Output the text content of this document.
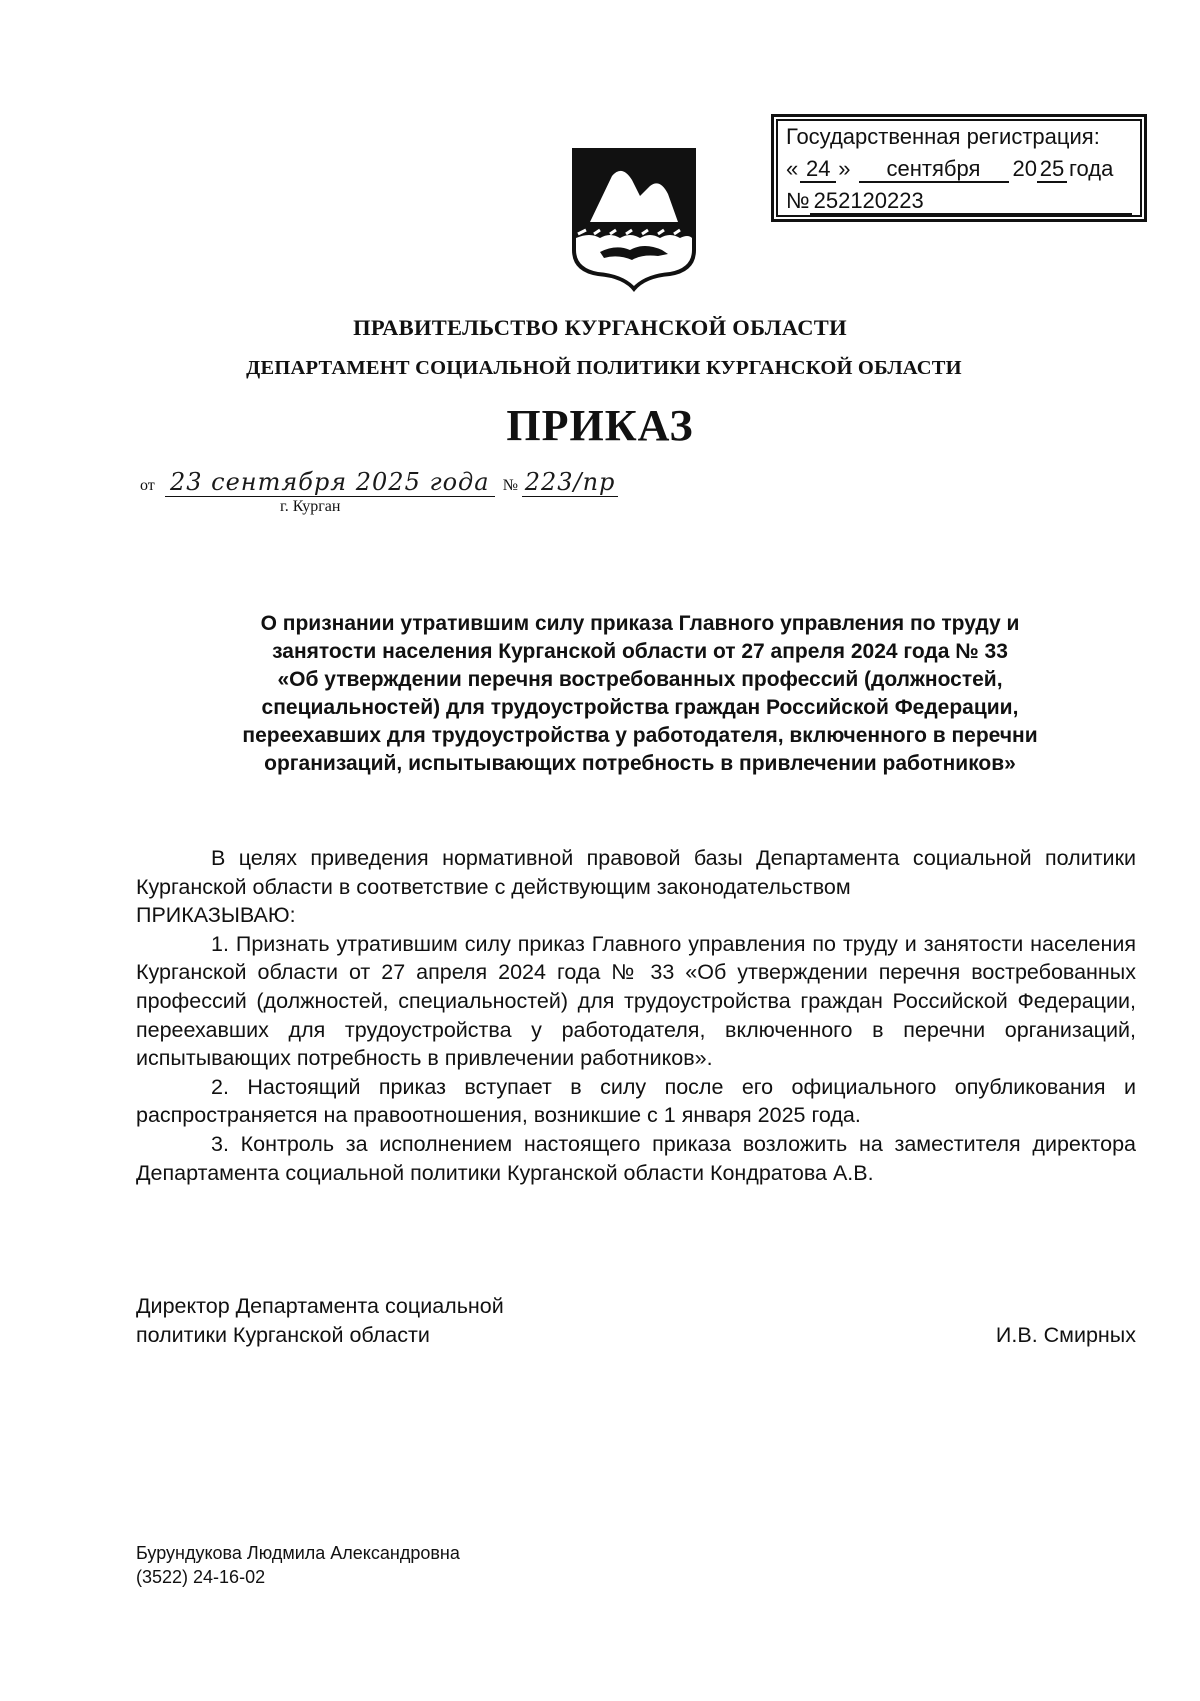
Государственная регистрация:
« 24 »	сентября	20 25 года
№ 252120223
ПРАВИТЕЛЬСТВО КУРГАНСКОЙ ОБЛАСТИ
ДЕПАРТАМЕНТ СОЦИАЛЬНОЙ ПОЛИТИКИ КУРГАНСКОЙ ОБЛАСТИ
ПРИКАЗ
от 23 сентября 2025 года № 223/пр
г. Курган
О признании утратившим силу приказа Главного управления по труду и
занятости населения Курганской области от 27 апреля 2024 года № 33
«Об утверждении перечня востребованных профессий (должностей,
специальностей) для трудоустройства граждан Российской Федерации,
переехавших для трудоустройства у работодателя, включенного в перечни
организаций, испытывающих потребность в привлечении работников»

В целях приведения нормативной правовой базы Департамента социальной политики Курганской области в соответствие с действующим законодательством

ПРИКАЗЫВАЮ:

1. Признать утратившим силу приказ Главного управления по труду и занятости населения Курганской области от 27 апреля 2024 года № 33 «Об утверждении перечня востребованных профессий (должностей, специальностей) для трудоустройства граждан Российской Федерации, переехавших для трудоустройства у работодателя, включенного в перечни организаций, испытывающих потребность в привлечении работников».

2. Настоящий приказ вступает в силу после его официального опубликования и распространяется на правоотношения, возникшие с 1 января 2025 года.

3. Контроль за исполнением настоящего приказа возложить на заместителя директора Департамента социальной политики Курганской области Кондратова А.В.

Директор Департамента социальной
политики Курганской области	И.В. Смирных
Бурундукова Людмила Александровна
(3522) 24-16-02
